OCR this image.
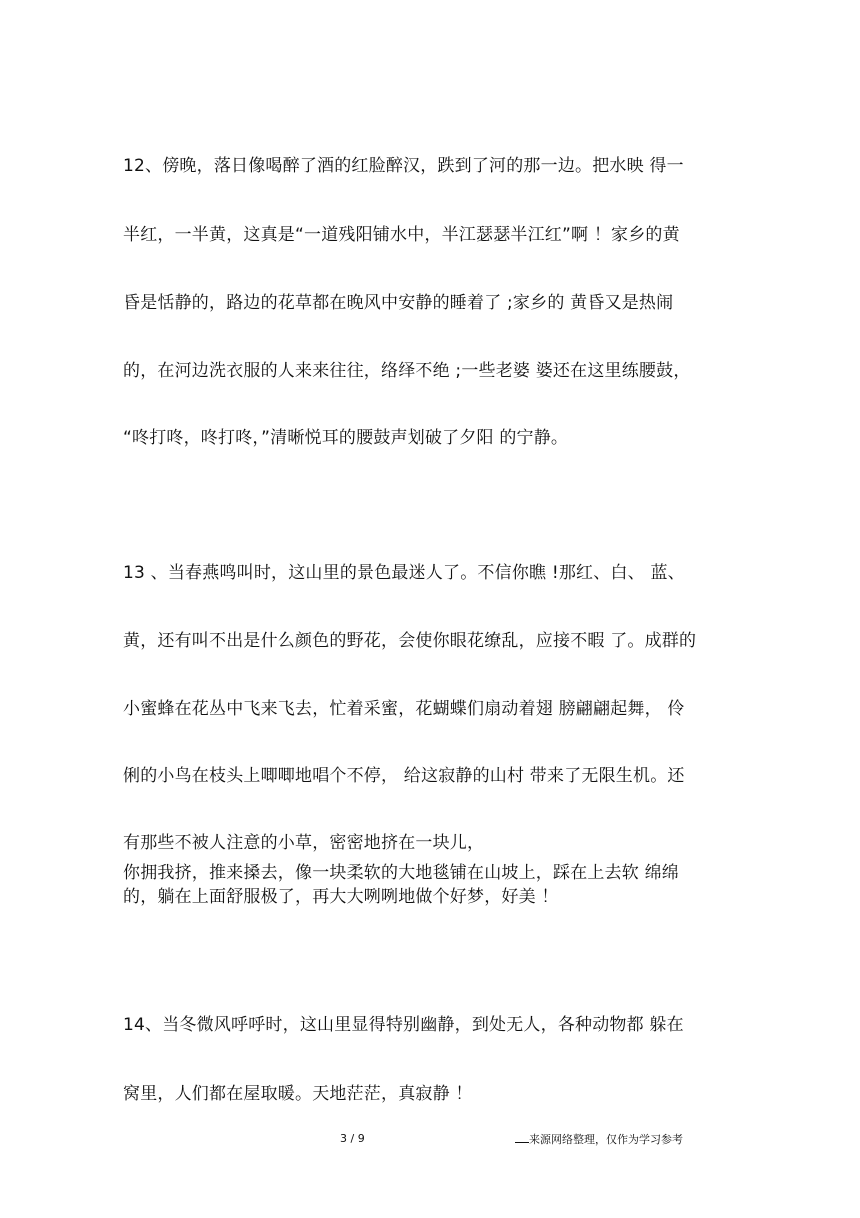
12、傍晚，落日像喝醉了酒的红脸醉汉，跌到了河的那一边。把水映 得一
半红，一半黄，这真是“一道残阳铺水中，半江瑟瑟半江红”啊 ！家乡的黄
昏是恬静的，路边的花草都在晚风中安静的睡着了 ;家乡的 黄昏又是热闹
的，在河边洗衣服的人来来往往，络绎不绝 ;一些老婆 婆还在这里练腰鼓，
“咚打咚，咚打咚，”清晰悦耳的腰鼓声划破了夕阳 的宁静。
13 、当春燕鸣叫时，这山里的景色最迷人了。不信你瞧 !那红、白、 蓝、
黄，还有叫不出是什么颜色的野花，会使你眼花缭乱，应接不暇 了。成群的
小蜜蜂在花丛中飞来飞去，忙着采蜜，花蝴蝶们扇动着翅 膀翩翩起舞， 伶
俐的小鸟在枝头上唧唧地唱个不停， 给这寂静的山村 带来了无限生机。还
有那些不被人注意的小草，密密地挤在一块儿，
你拥我挤，推来搡去，像一块柔软的大地毯铺在山坡上，踩在上去软 绵绵
的，躺在上面舒服极了，再大大咧咧地做个好梦，好美 ！
14、当冬微风呼呼时，这山里显得特别幽静，到处无人，各种动物都 躲在
窝里，人们都在屋取暖。天地茫茫，真寂静 ！
3 / 9	来源网络整理，仅作为学习参考
